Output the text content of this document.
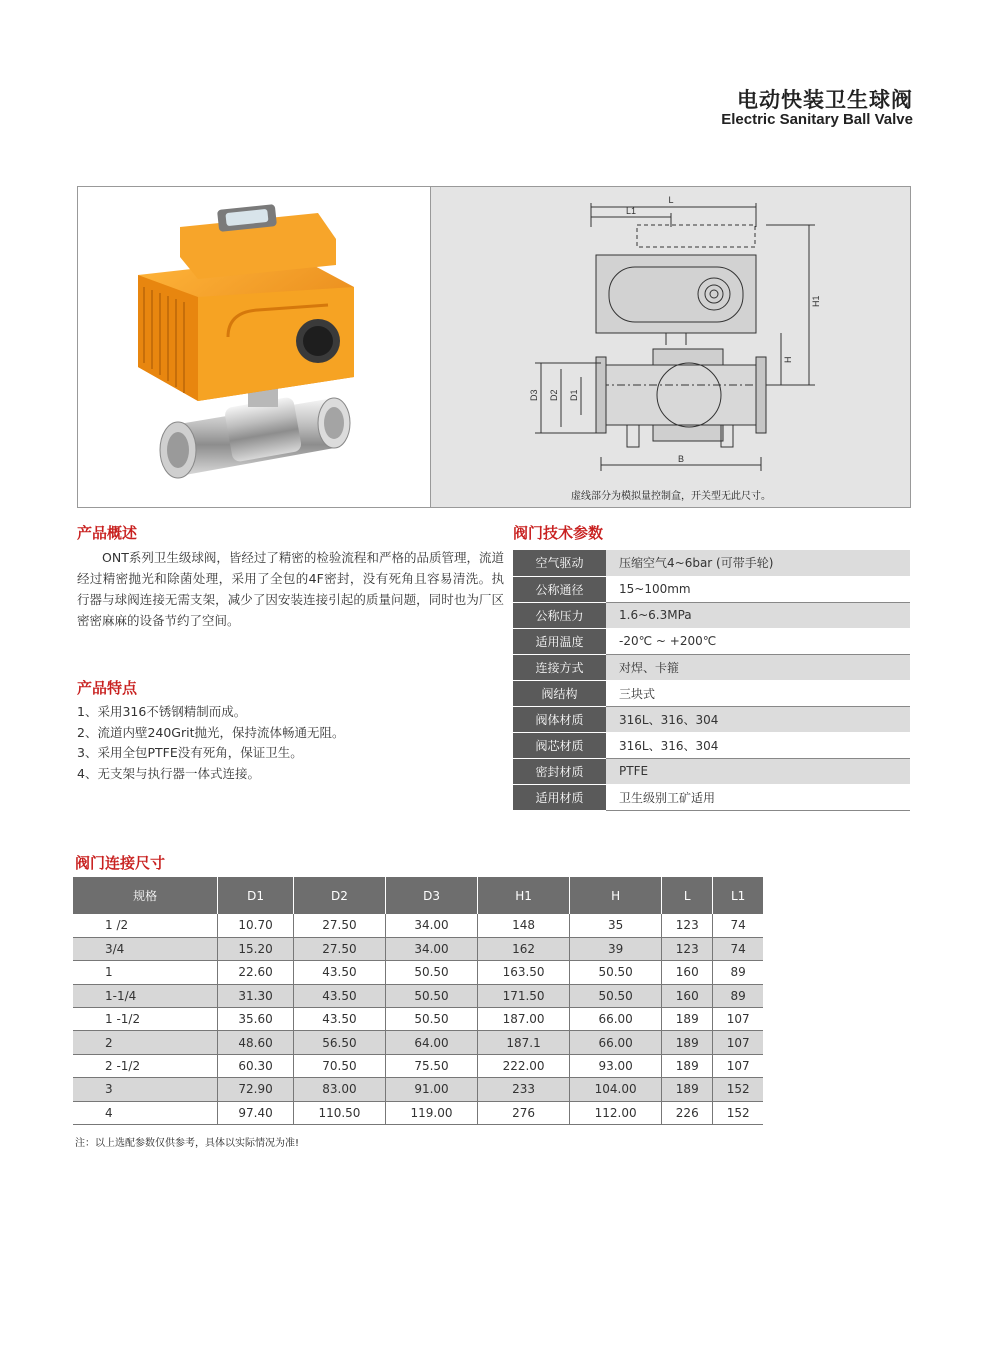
电动快装卫生球阀
Electric Sanitary Ball Valve
L
L1
H1
H
D3 D2 D1
B
虚线部分为模拟量控制盒，开关型无此尺寸。
产品概述
ONT系列卫生级球阀，皆经过了精密的检验流程和严格的品质管理，流道经过精密抛光和除菌处理，采用了全包的4F密封，没有死角且容易清洗。执行器与球阀连接无需支架，减少了因安装连接引起的质量问题，同时也为厂区密密麻麻的设备节约了空间。
产品特点
1、采用316不锈钢精制而成。
2、流道内壁240Grit抛光，保持流体畅通无阻。
3、采用全包PTFE没有死角，保证卫生。
4、无支架与执行器一体式连接。
阀门技术参数
空气驱动	压缩空气4~6bar (可带手轮)
公称通径	15~100mm
公称压力	1.6~6.3MPa
适用温度	-20℃ ~ +200℃
连接方式	对焊、卡箍
阀结构	三块式
阀体材质	316L、316、304
阀芯材质	316L、316、304
密封材质	PTFE
适用材质	卫生级别工矿适用
阀门连接尺寸
规格	D1	D2	D3	H1	H	L	L1
1 /2	10.70	27.50	34.00	148	35	123	74
3/4	15.20	27.50	34.00	162	39	123	74
1	22.60	43.50	50.50	163.50	50.50	160	89
1-1/4	31.30	43.50	50.50	171.50	50.50	160	89
1 -1/2	35.60	43.50	50.50	187.00	66.00	189	107
2	48.60	56.50	64.00	187.1	66.00	189	107
2 -1/2	60.30	70.50	75.50	222.00	93.00	189	107
3	72.90	83.00	91.00	233	104.00	189	152
4	97.40	110.50	119.00	276	112.00	226	152
注：以上选配参数仅供参考，具体以实际情况为准!
